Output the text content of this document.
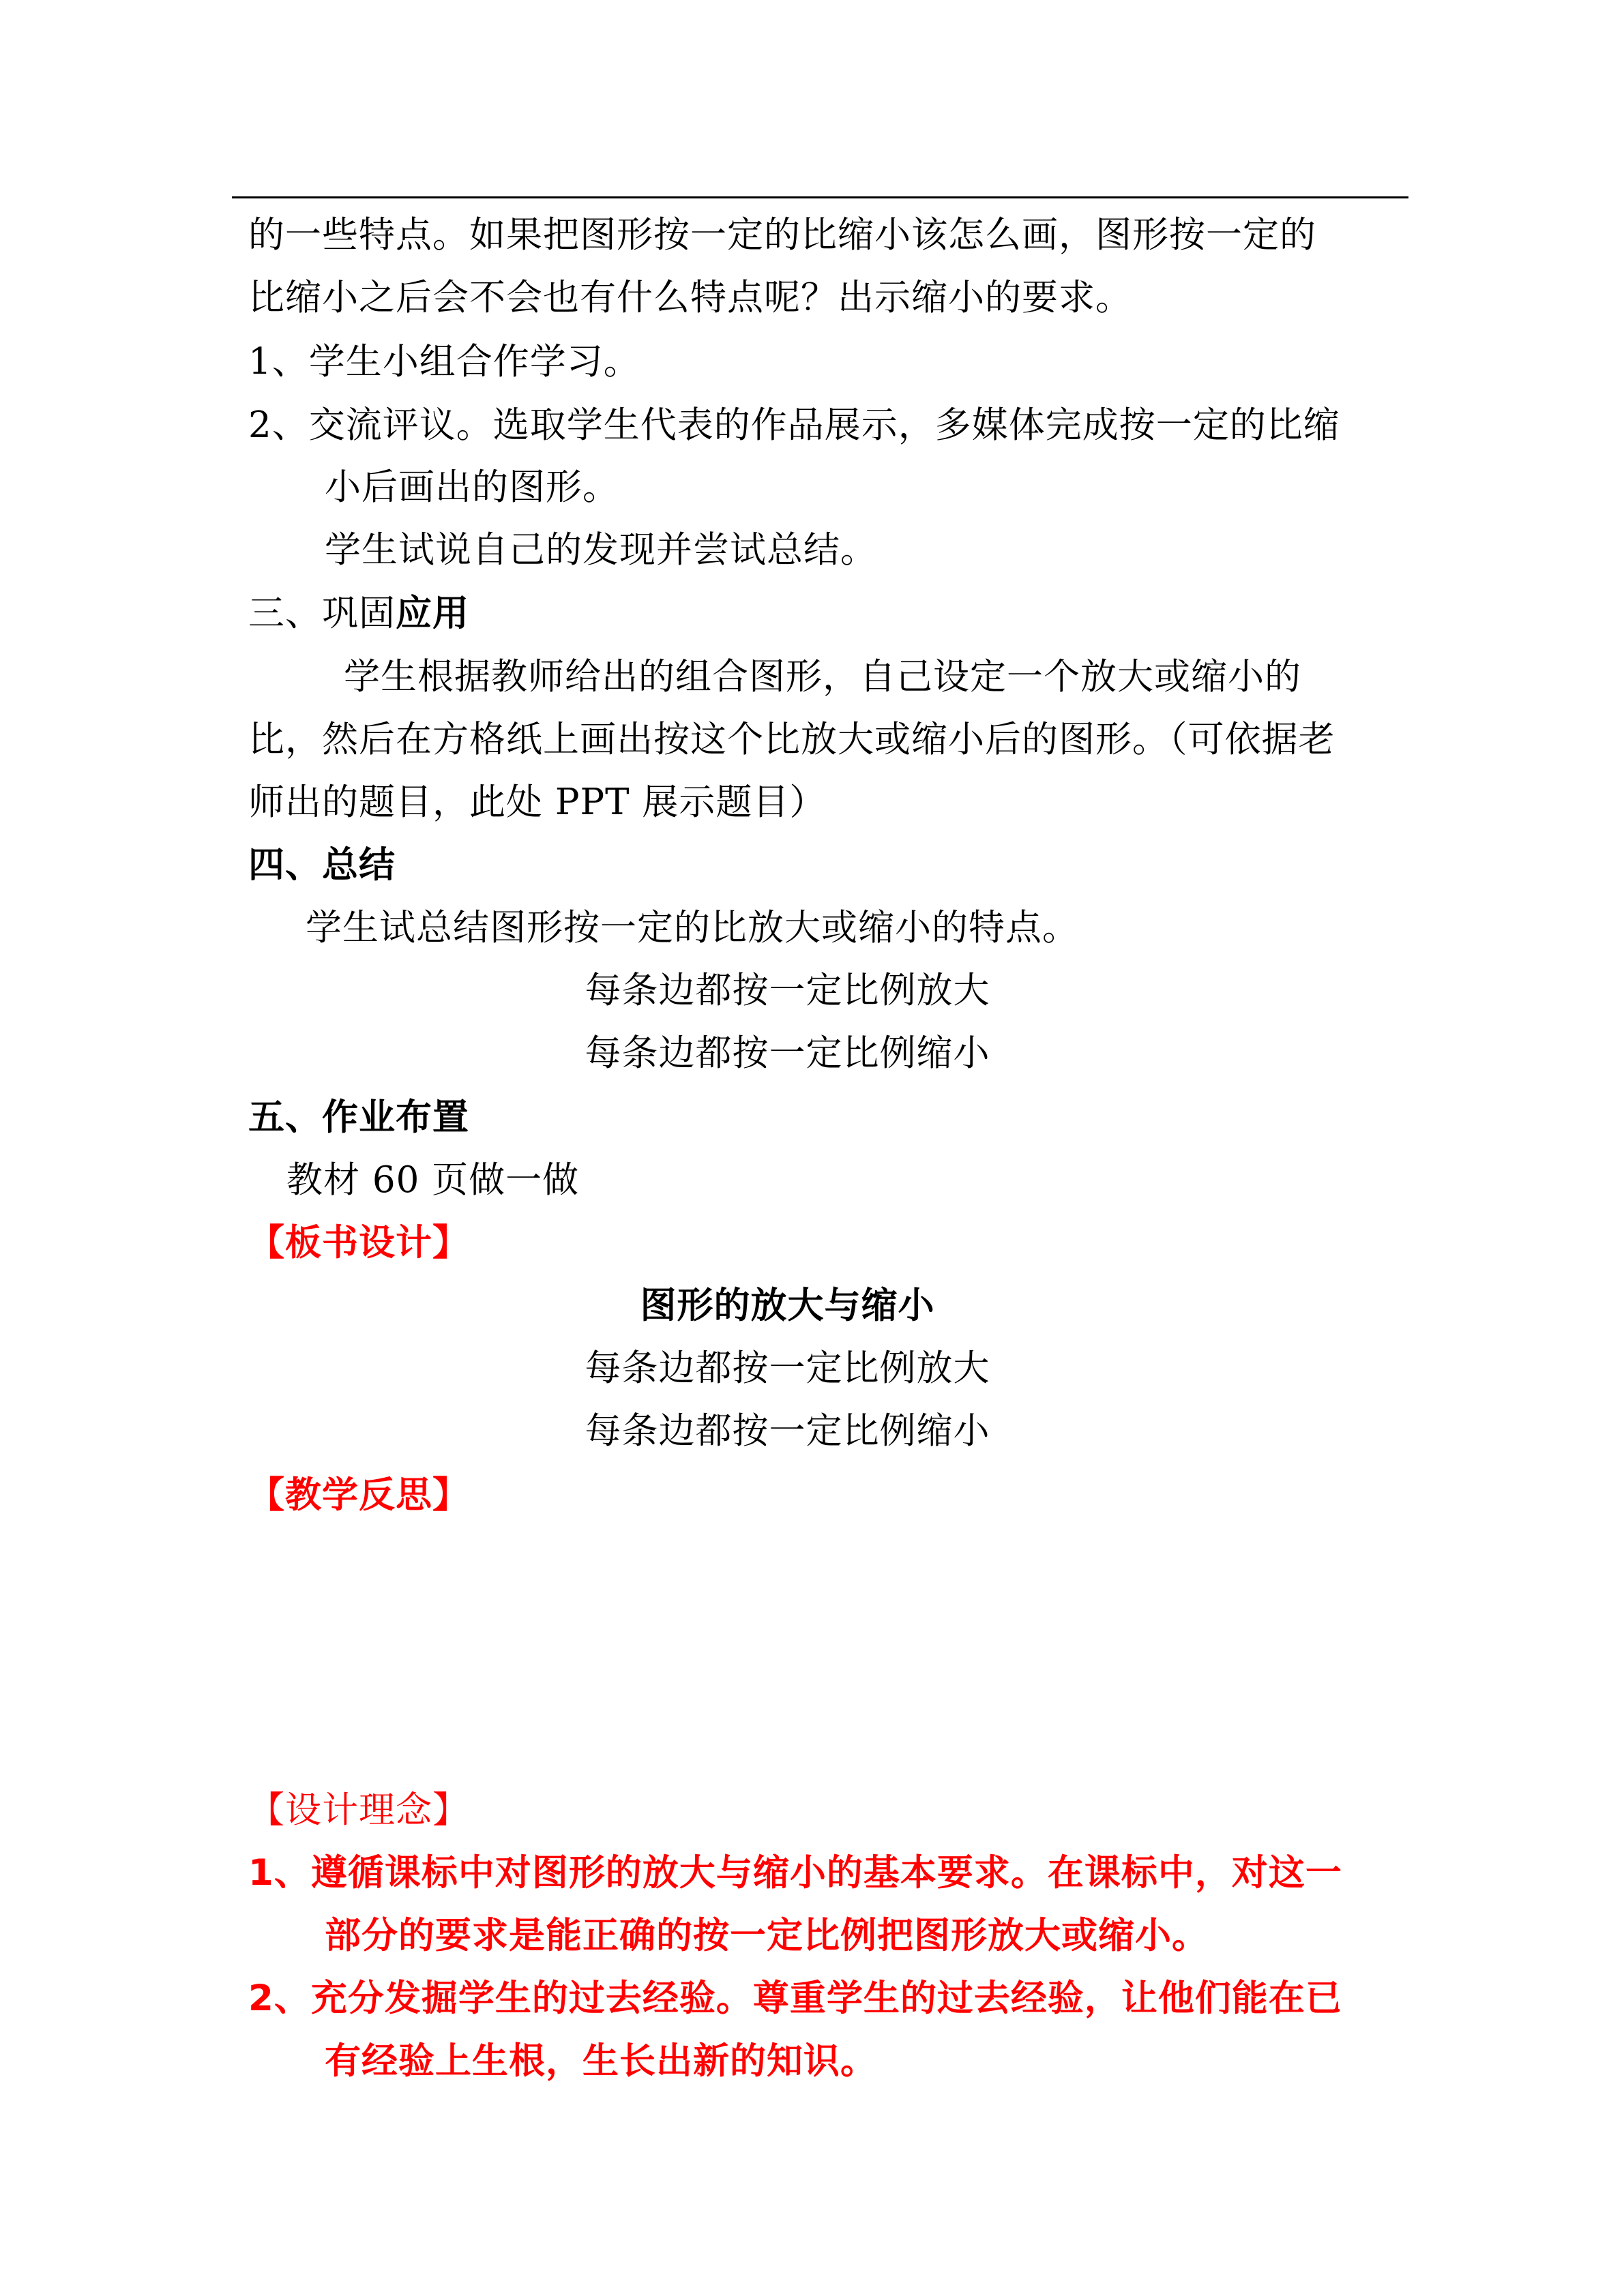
的一些特点。如果把图形按一定的比缩小该怎么画，图形按一定的
比缩小之后会不会也有什么特点呢？出示缩小的要求。
1、学生小组合作学习。
2、交流评议。选取学生代表的作品展示，多媒体完成按一定的比缩
小后画出的图形。
学生试说自己的发现并尝试总结。
三、巩固应用
学生根据教师给出的组合图形，自己设定一个放大或缩小的
比，然后在方格纸上画出按这个比放大或缩小后的图形。（可依据老
师出的题目，此处 PPT 展示题目）
四、总结
学生试总结图形按一定的比放大或缩小的特点。
每条边都按一定比例放大
每条边都按一定比例缩小
五、作业布置
教材 60 页做一做
【板书设计】
图形的放大与缩小
每条边都按一定比例放大
每条边都按一定比例缩小
【教学反思】
【设计理念】
1、遵循课标中对图形的放大与缩小的基本要求。在课标中，对这一
部分的要求是能正确的按一定比例把图形放大或缩小。
2、充分发掘学生的过去经验。尊重学生的过去经验，让他们能在已
有经验上生根，生长出新的知识。
